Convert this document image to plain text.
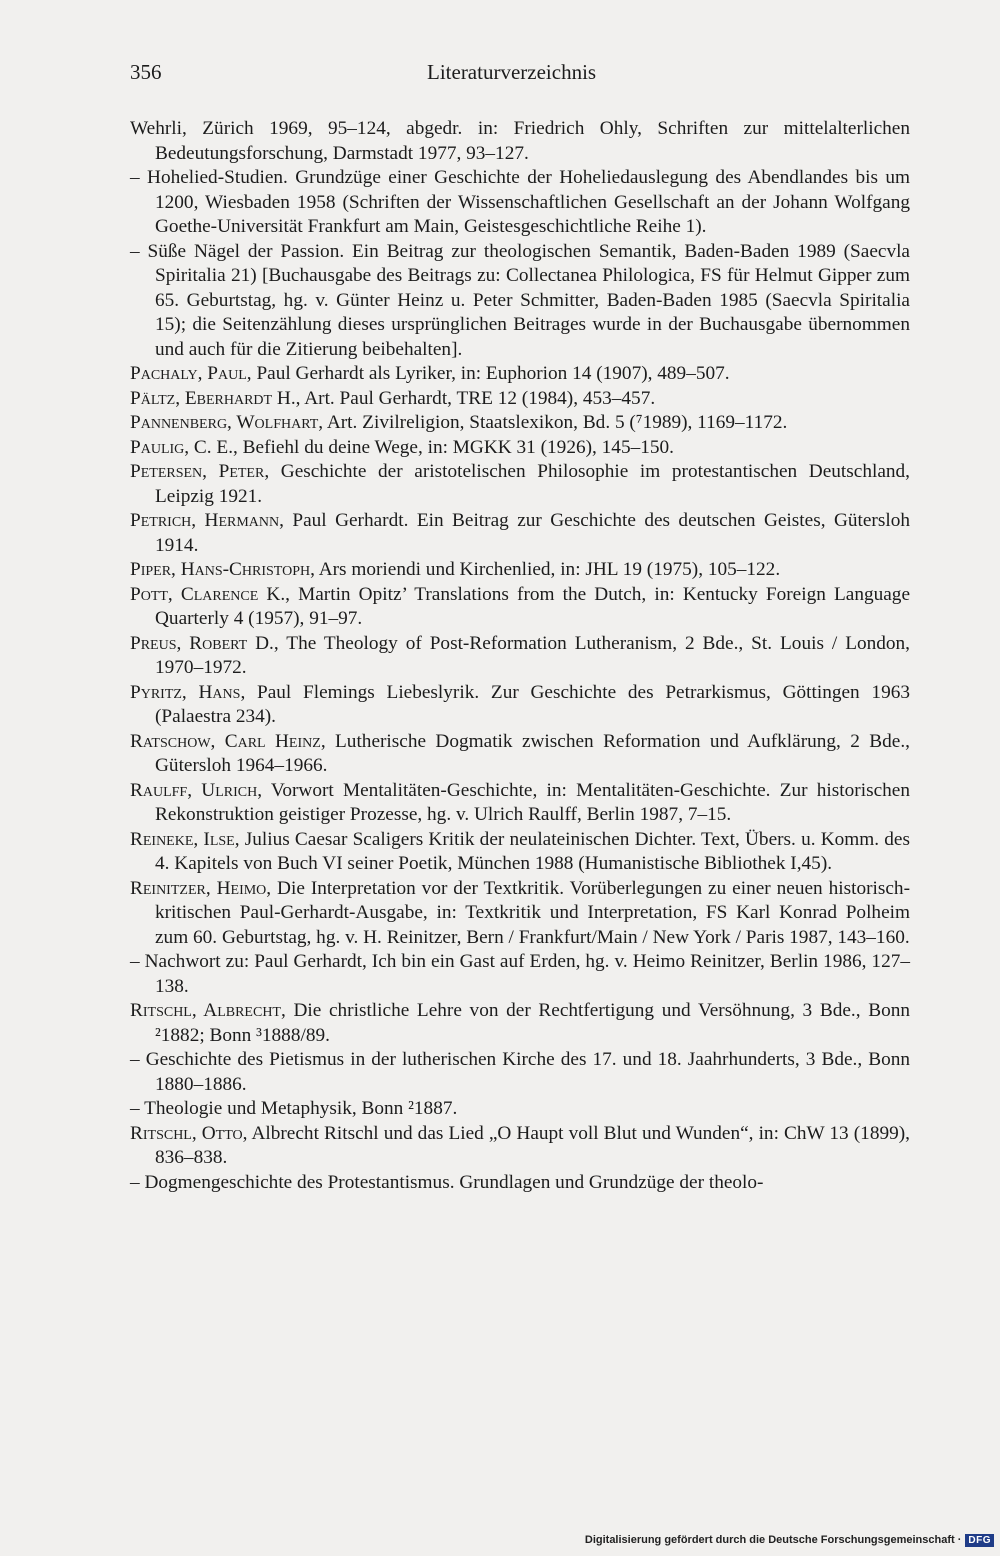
356	Literaturverzeichnis

Wehrli, Zürich 1969, 95–124, abgedr. in: Friedrich Ohly, Schriften zur mittelalterlichen Bedeutungsforschung, Darmstadt 1977, 93–127.

– Hohelied-Studien. Grundzüge einer Geschichte der Hoheliedauslegung des Abendlandes bis um 1200, Wiesbaden 1958 (Schriften der Wissenschaftlichen Gesellschaft an der Johann Wolfgang Goethe-Universität Frankfurt am Main, Geistesgeschichtliche Reihe 1).

– Süße Nägel der Passion. Ein Beitrag zur theologischen Semantik, Baden-Baden 1989 (Saecvla Spiritalia 21) [Buchausgabe des Beitrags zu: Collectanea Philologica, FS für Helmut Gipper zum 65. Geburtstag, hg. v. Günter Heinz u. Peter Schmitter, Baden-Baden 1985 (Saecvla Spiritalia 15); die Seitenzählung dieses ursprünglichen Beitrages wurde in der Buchausgabe übernommen und auch für die Zitierung beibehalten].

Pachaly, Paul, Paul Gerhardt als Lyriker, in: Euphorion 14 (1907), 489–507.

Pältz, Eberhardt H., Art. Paul Gerhardt, TRE 12 (1984), 453–457.

Pannenberg, Wolfhart, Art. Zivilreligion, Staatslexikon, Bd. 5 (⁷1989), 1169–1172.

Paulig, C. E., Befiehl du deine Wege, in: MGKK 31 (1926), 145–150.

Petersen, Peter, Geschichte der aristotelischen Philosophie im protestantischen Deutschland, Leipzig 1921.

Petrich, Hermann, Paul Gerhardt. Ein Beitrag zur Geschichte des deutschen Geistes, Gütersloh 1914.

Piper, Hans-Christoph, Ars moriendi und Kirchenlied, in: JHL 19 (1975), 105–122.

Pott, Clarence K., Martin Opitz’ Translations from the Dutch, in: Kentucky Foreign Language Quarterly 4 (1957), 91–97.

Preus, Robert D., The Theology of Post-Reformation Lutheranism, 2 Bde., St. Louis / London, 1970–1972.

Pyritz, Hans, Paul Flemings Liebeslyrik. Zur Geschichte des Petrarkismus, Göttingen 1963 (Palaestra 234).

Ratschow, Carl Heinz, Lutherische Dogmatik zwischen Reformation und Aufklärung, 2 Bde., Gütersloh 1964–1966.

Raulff, Ulrich, Vorwort Mentalitäten-Geschichte, in: Mentalitäten-Geschichte. Zur historischen Rekonstruktion geistiger Prozesse, hg. v. Ulrich Raulff, Berlin 1987, 7–15.

Reineke, Ilse, Julius Caesar Scaligers Kritik der neulateinischen Dichter. Text, Übers. u. Komm. des 4. Kapitels von Buch VI seiner Poetik, München 1988 (Humanistische Bibliothek I,45).

Reinitzer, Heimo, Die Interpretation vor der Textkritik. Vorüberlegungen zu einer neuen historisch-kritischen Paul-Gerhardt-Ausgabe, in: Textkritik und Interpretation, FS Karl Konrad Polheim zum 60. Geburtstag, hg. v. H. Reinitzer, Bern / Frankfurt/Main / New York / Paris 1987, 143–160.

– Nachwort zu: Paul Gerhardt, Ich bin ein Gast auf Erden, hg. v. Heimo Reinitzer, Berlin 1986, 127–138.

Ritschl, Albrecht, Die christliche Lehre von der Rechtfertigung und Versöhnung, 3 Bde., Bonn ²1882; Bonn ³1888/89.

– Geschichte des Pietismus in der lutherischen Kirche des 17. und 18. Jaahrhunderts, 3 Bde., Bonn 1880–1886.

– Theologie und Metaphysik, Bonn ²1887.

Ritschl, Otto, Albrecht Ritschl und das Lied „O Haupt voll Blut und Wunden“, in: ChW 13 (1899), 836–838.

– Dogmengeschichte des Protestantismus. Grundlagen und Grundzüge der theolo-

Digitalisierung gefördert durch die Deutsche Forschungsgemeinschaft · DFG
